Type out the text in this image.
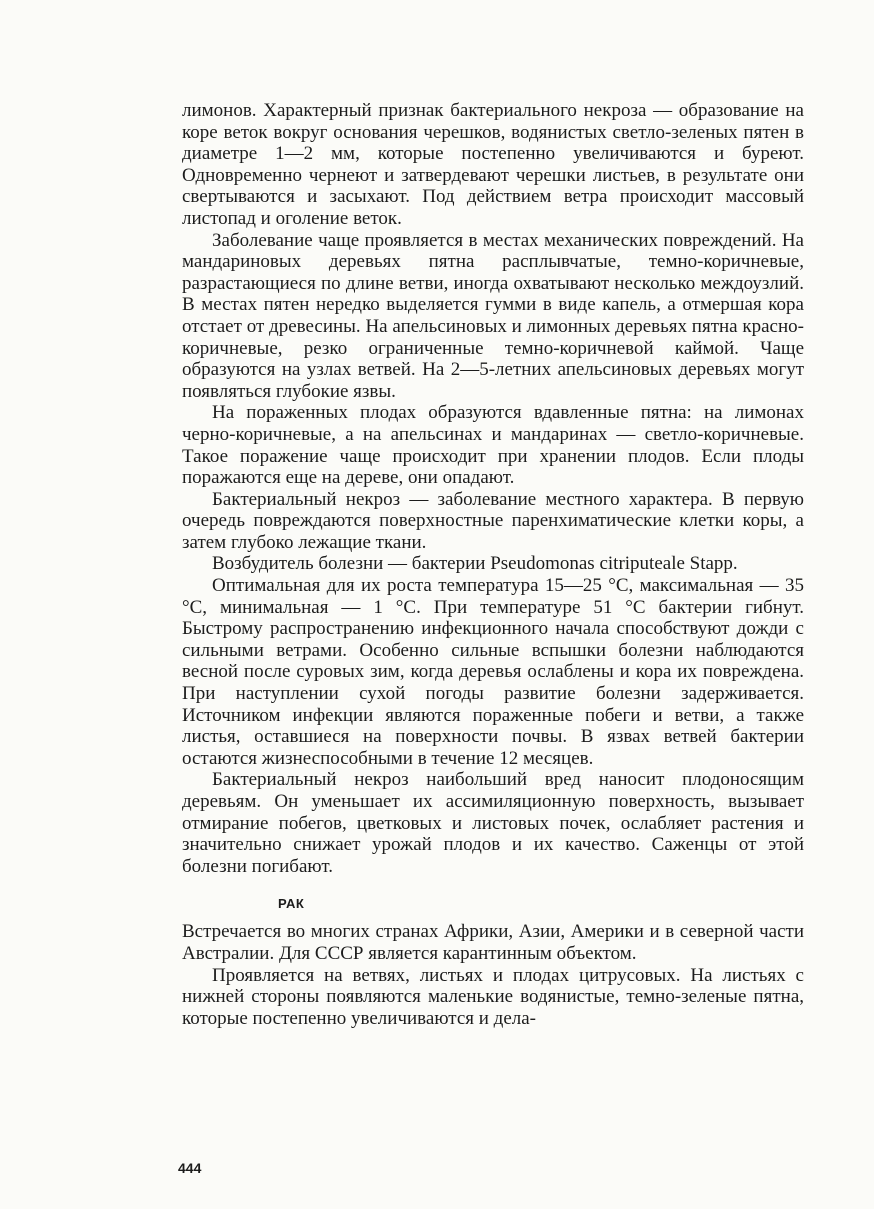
лимонов. Характерный признак бактериального некроза — образование на коре веток вокруг основания черешков, водянистых светло-зеленых пятен в диаметре 1—2 мм, которые постепенно увеличиваются и буреют. Одновременно чернеют и затвердевают черешки листьев, в результате они свертываются и засыхают. Под действием ветра происходит массовый листопад и оголение веток.

Заболевание чаще проявляется в местах механических повреждений. На мандариновых деревьях пятна расплывчатые, темно-коричневые, разрастающиеся по длине ветви, иногда охватывают несколько междоузлий. В местах пятен нередко выделяется гумми в виде капель, а отмершая кора отстает от древесины. На апельсиновых и лимонных деревьях пятна красно-коричневые, резко ограниченные темно-коричневой каймой. Чаще образуются на узлах ветвей. На 2—5-летних апельсиновых деревьях могут появляться глубокие язвы.

На пораженных плодах образуются вдавленные пятна: на лимонах черно-коричневые, а на апельсинах и мандаринах — светло-коричневые. Такое поражение чаще происходит при хранении плодов. Если плоды поражаются еще на дереве, они опадают.

Бактериальный некроз — заболевание местного характера. В первую очередь повреждаются поверхностные паренхиматические клетки коры, а затем глубоко лежащие ткани.

Возбудитель болезни — бактерии Pseudomonas citriputeale Stapp.

Оптимальная для их роста температура 15—25 °С, максимальная — 35 °С, минимальная — 1 °С. При температуре 51 °С бактерии гибнут. Быстрому распространению инфекционного начала способствуют дожди с сильными ветрами. Особенно сильные вспышки болезни наблюдаются весной после суровых зим, когда деревья ослаблены и кора их повреждена. При наступлении сухой погоды развитие болезни задерживается. Источником инфекции являются пораженные побеги и ветви, а также листья, оставшиеся на поверхности почвы. В язвах ветвей бактерии остаются жизнеспособными в течение 12 месяцев.

Бактериальный некроз наибольший вред наносит плодоносящим деревьям. Он уменьшает их ассимиляционную поверхность, вызывает отмирание побегов, цветковых и листовых почек, ослабляет растения и значительно снижает урожай плодов и их качество. Саженцы от этой болезни погибают.

РАК

Встречается во многих странах Африки, Азии, Америки и в северной части Австралии. Для СССР является карантинным объектом.

Проявляется на ветвях, листьях и плодах цитрусовых. На листьях с нижней стороны появляются маленькие водянистые, темно-зеленые пятна, которые постепенно увеличиваются и дела-

444
